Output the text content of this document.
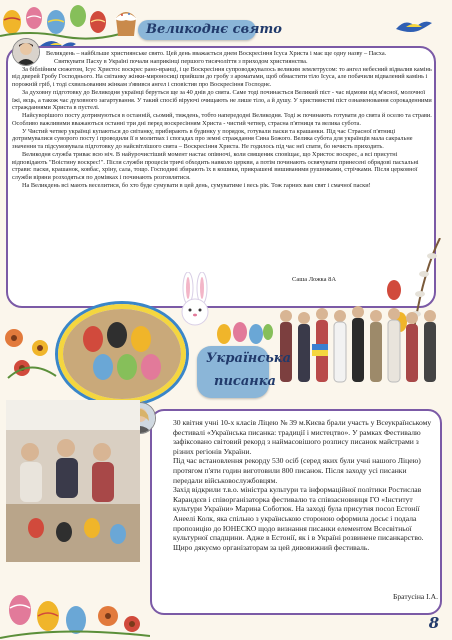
Великоднє свято

Великдень – найбільше християнське свято. Цей день вважається днем Воскресіння Ісуса Христа і має ще одну назву – Пасха.

Святкувати Пасху в Україні почали наприкінці першого тисячоліття з приходом християнства.

За біблійним сюжетом, Ісус Христос воскрес рано-вранці, і це Воскресіння супроводжувалось великим землетрусом: то ангел небесний відвалив камінь від дверей Гробу Господнього. На світанку жінки-мироносиці прийшли до гробу з ароматами, щоб обмастити тіло Ісуса, але побачили відвалений камінь і порожній гріб, і тоді схвильованим жінкам з'явився ангел і сповістив про Воскресіння Господнє.

За духовну підготовку до Великодня українці беруться ще за 40 днів до свята. Саме тоді починається Великий піст - час відмови від м'ясної, молочної їжі, яєць, а також час духовного загартування. У такий спосіб віруючі очищають не лише тіло, а й душу. У християнстві піст ознаменовання сорокаденними стражданнями Христа в пустелі.

Найсуворішого посту дотримуються в останній, сьомий, тиждень, тобто напередодні Великодня. Тоді ж починають готувати до свята й оселю та страви. Особливо важливими вважаються останні три дні перед воскресінням Христа - чистий четвер, страсна п'ятниця та велика субота.

У Чистий четвер українці купаються до світанку, прибирають в будинку у порядок, готували паски та крашанки. Під час Страсної п'ятниці дотримувалися суворого посту і проводили її в молитвах і спогадах про земні страждання Сина Божого. Велика субота для українців мала сакральне значення та підсумовувала підготовку до найсвітлішого свята – Воскресіння Христа. Не годилось під час неї спати, бо нечисть приходить.

Великодня служба триває всю ніч. В найурочистіший момент настає опівночі, коли священик сповіщає, що Христос воскрес, а всі присутні відповідають "Воістину воскрес!". Після служби процесія тричі обходить навколо церкви, а потім починають освячувати принесені обрядові пасхальні страви: паски, крашанок, ковбас, хріну, сала, тощо. Господині збирають їх в кошики, прикрашені вишиваними рушниками, стрічками. Після церковної служби віряни розходяться по домівках і починають розговлятися.

На Великдень всі мають веселитися, бо хто буде сумувати в цей день, сумуватиме і весь рік. Тож гарних вам свят і смачної паски!

Саша Ложка 8А
Українська
писанка

30 квітня учні 10-х класів Ліцею № 39 м.Києва брали участь у Всеукраїнському фестивалі «Українська писанка: традиції і мистецтво». У рамках Фестивалю зафіксовано світовий рекорд з наймасовішого розпису писанок майстрами з різних регіонів України.

Під час встановлення рекорду 530 осіб (серед яких були учні нашого Ліцею) протягом п'яти годин виготовили 800 писанок. Після заходу усі писанки передали військовослужбовцям.

Захід відкрили т.в.о. міністра культури та інформаційної політики Ростислав Карандєєв і співорганізаторка фестивалю та співзасновниця ГО «Інститут культури України» Марина Соботюк. На заході була присутня посол Естонії Анеелі Колк, яка спільно з українською стороною оформила досьє і подала пропозицію до ЮНЕСКО щодо визнання писанки елементом Всесвітньої культурної спадщини. Адже в Естонії, як і в Україні розвинене писанкарство.

Щиро дякуємо організаторам за цей дивовижний фестиваль.

Братусіна І.А.
8
